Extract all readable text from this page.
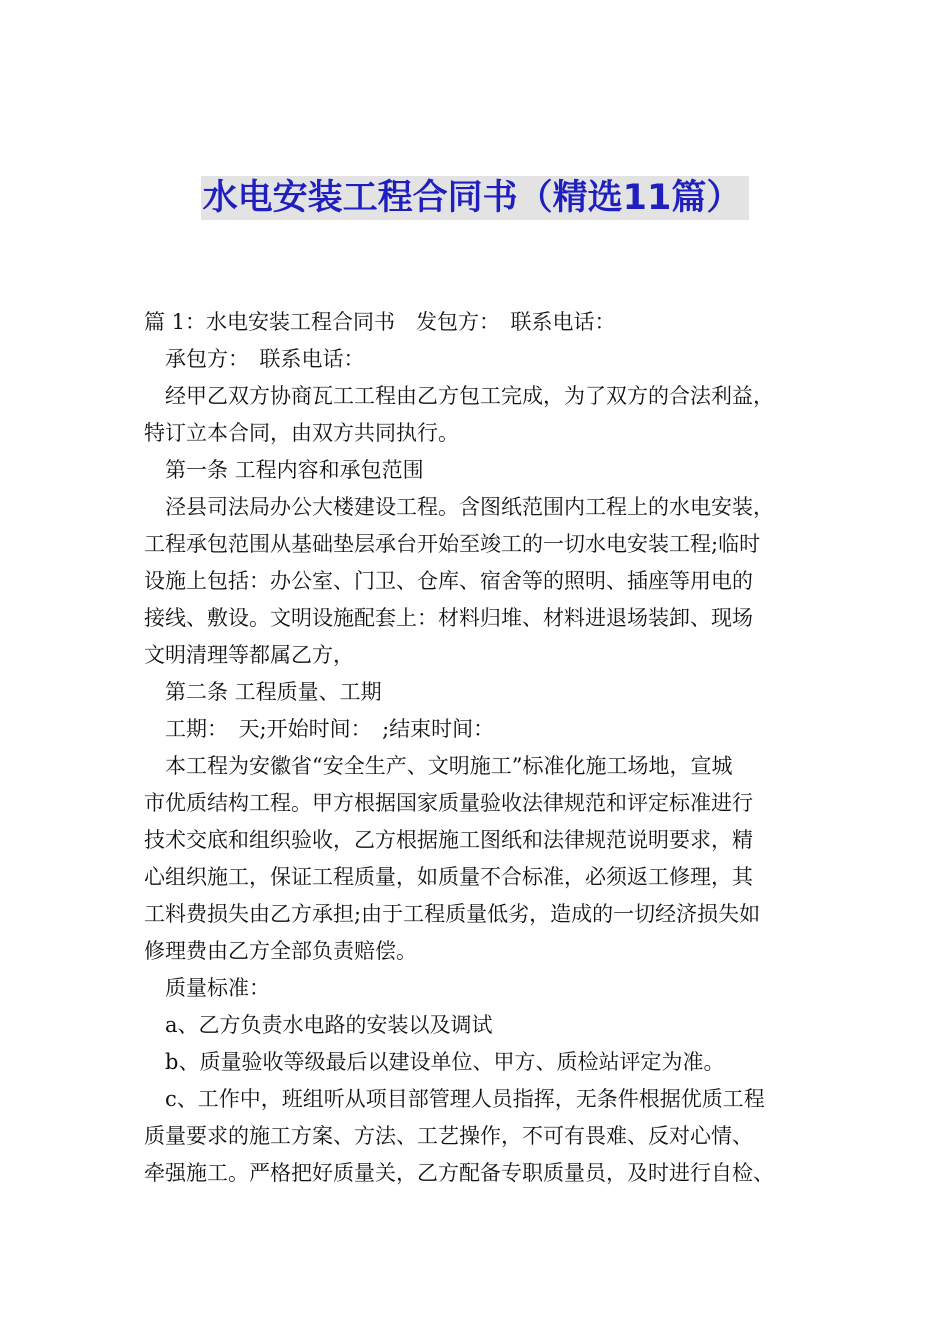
水电安装工程合同书（精选11篇）
篇 1：水电安装工程合同书　发包方：　联系电话：
承包方：　联系电话：
经甲乙双方协商瓦工工程由乙方包工完成，为了双方的合法利益，
特订立本合同，由双方共同执行。
第一条 工程内容和承包范围
泾县司法局办公大楼建设工程。含图纸范围内工程上的水电安装，
工程承包范围从基础垫层承台开始至竣工的一切水电安装工程;临时
设施上包括：办公室、门卫、仓库、宿舍等的照明、插座等用电的
接线、敷设。文明设施配套上：材料归堆、材料进退场装卸、现场
文明清理等都属乙方，
第二条 工程质量、工期
工期：　天;开始时间：　;结束时间：
本工程为安徽省“安全生产、文明施工”标准化施工场地，宣城
市优质结构工程。甲方根据国家质量验收法律规范和评定标准进行
技术交底和组织验收，乙方根据施工图纸和法律规范说明要求，精
心组织施工，保证工程质量，如质量不合标准，必须返工修理，其
工料费损失由乙方承担;由于工程质量低劣，造成的一切经济损失如
修理费由乙方全部负责赔偿。
质量标准：
a、乙方负责水电路的安装以及调试
b、质量验收等级最后以建设单位、甲方、质检站评定为准。
c、工作中，班组听从项目部管理人员指挥，无条件根据优质工程
质量要求的施工方案、方法、工艺操作，不可有畏难、反对心情、
牵强施工。严格把好质量关，乙方配备专职质量员，及时进行自检、
